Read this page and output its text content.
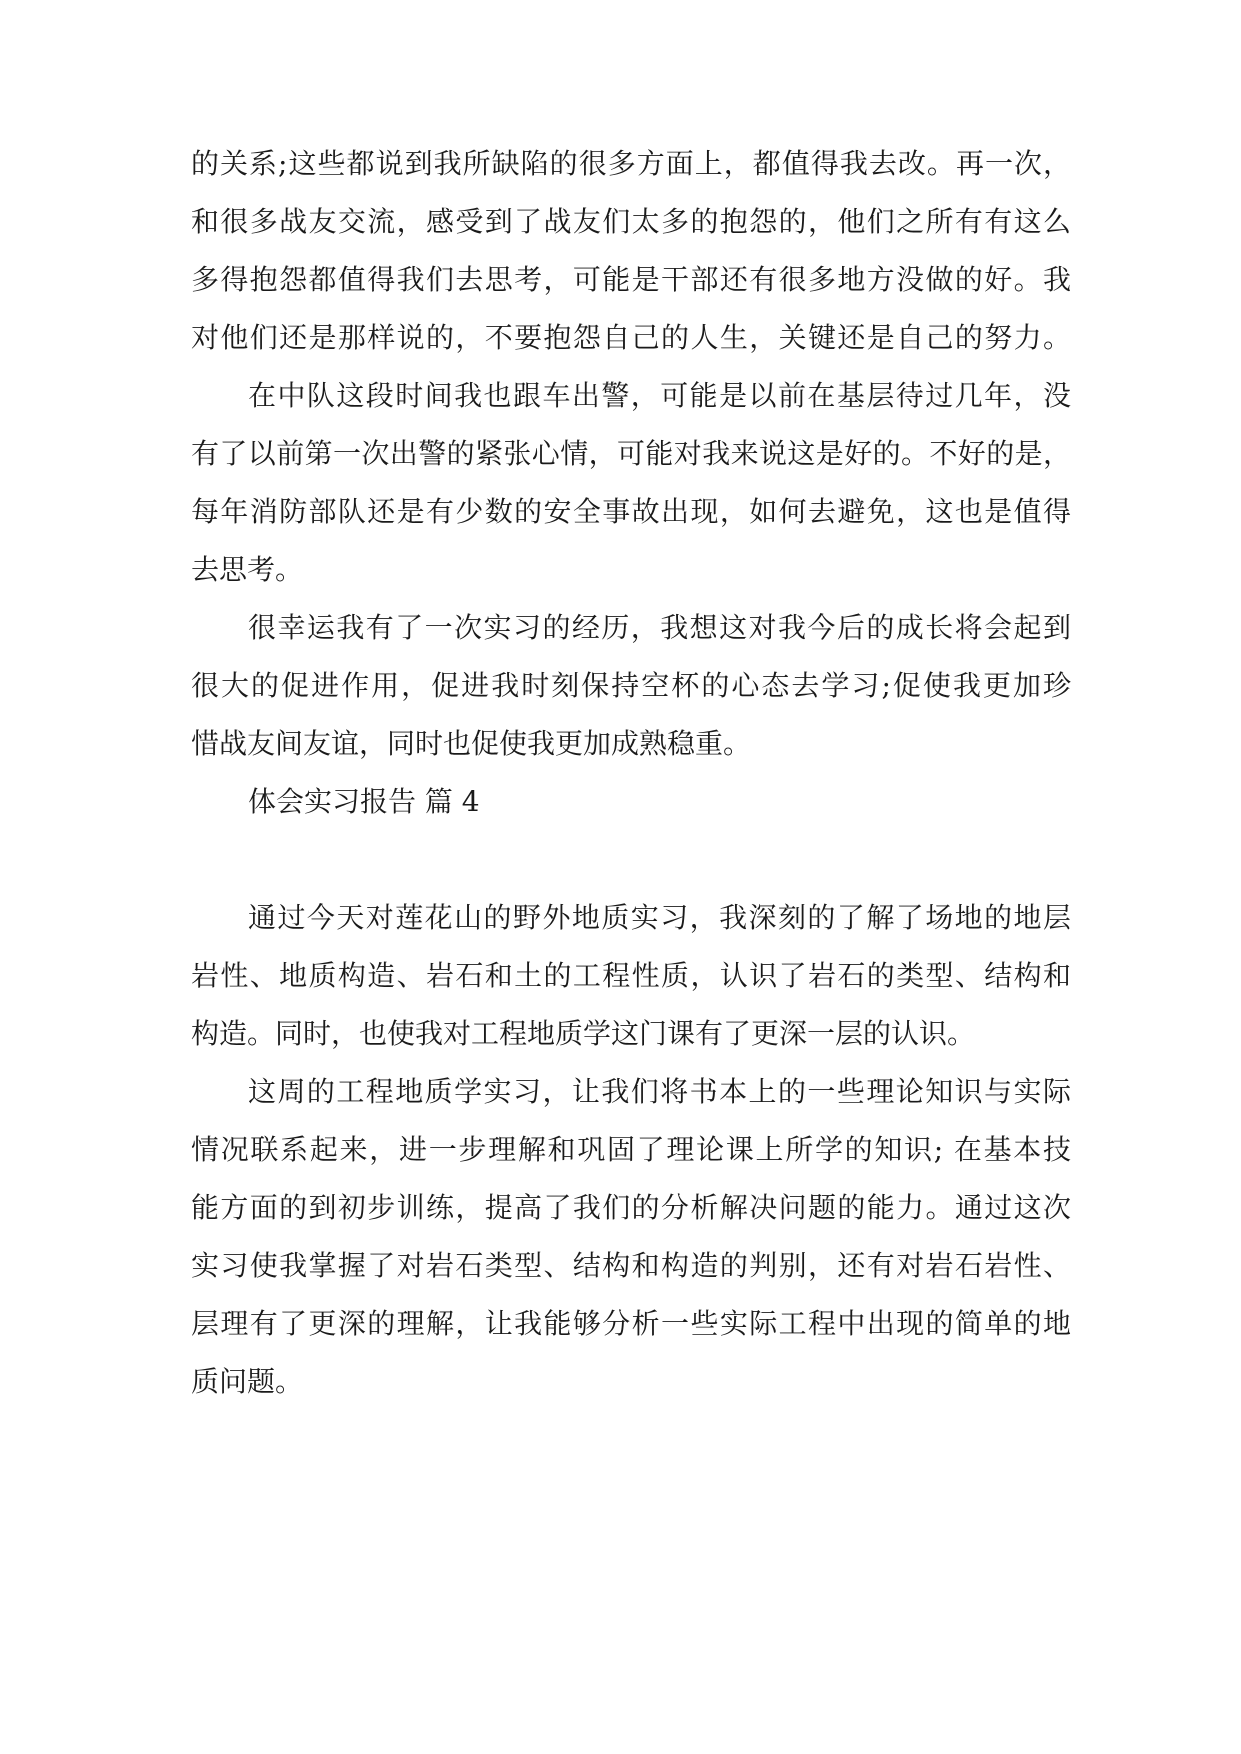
的关系;这些都说到我所缺陷的很多方面上，都值得我去改。再一次，
和很多战友交流，感受到了战友们太多的抱怨的，他们之所有有这么
多得抱怨都值得我们去思考，可能是干部还有很多地方没做的好。我
对他们还是那样说的，不要抱怨自己的人生，关键还是自己的努力。
在中队这段时间我也跟车出警，可能是以前在基层待过几年，没
有了以前第一次出警的紧张心情，可能对我来说这是好的。不好的是，
每年消防部队还是有少数的安全事故出现，如何去避免，这也是值得
去思考。
很幸运我有了一次实习的经历，我想这对我今后的成长将会起到
很大的促进作用，促进我时刻保持空杯的心态去学习;促使我更加珍
惜战友间友谊，同时也促使我更加成熟稳重。
体会实习报告 篇 4
通过今天对莲花山的野外地质实习，我深刻的了解了场地的地层
岩性、地质构造、岩石和土的工程性质，认识了岩石的类型、结构和
构造。同时，也使我对工程地质学这门课有了更深一层的认识。
这周的工程地质学实习，让我们将书本上的一些理论知识与实际
情况联系起来，进一步理解和巩固了理论课上所学的知识; 在基本技
能方面的到初步训练，提高了我们的分析解决问题的能力。通过这次
实习使我掌握了对岩石类型、结构和构造的判别，还有对岩石岩性、
层理有了更深的理解，让我能够分析一些实际工程中出现的简单的地
质问题。
